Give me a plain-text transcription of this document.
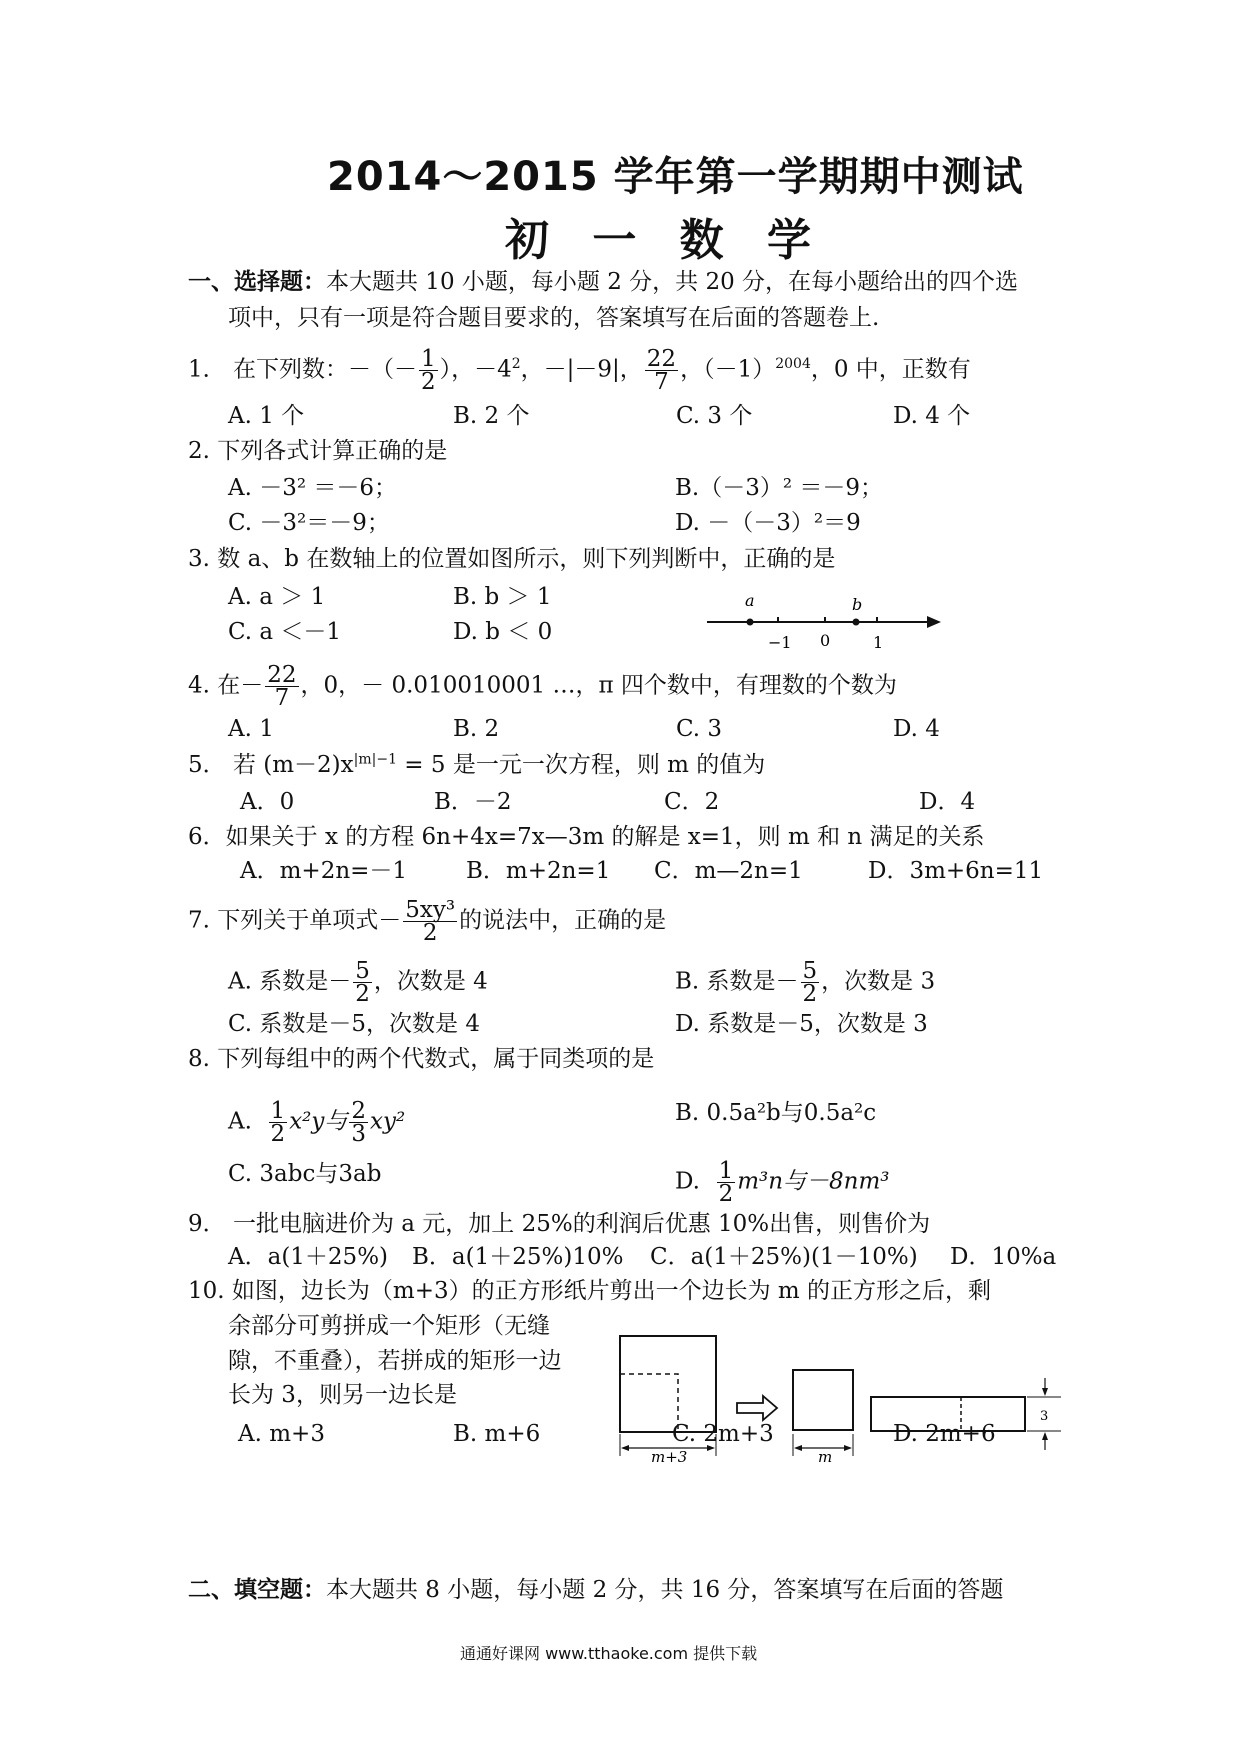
2014～2015 学年第一学期期中测试
初 一 数 学
一、选择题：本大题共 10 小题，每小题 2 分，共 20 分，在每小题给出的四个选
项中，只有一项是符合题目要求的，答案填写在后面的答题卷上.
1． 在下列数：－（－ $\frac{1}{2}$ ），$-4^2$，－|－9|， $\frac{22}{7}$ ，$(-1)^{2004}$，0 中，正数有
A. 1 个	B. 2 个	C. 3 个	D. 4 个
2. 下列各式计算正确的是
A. －3² ＝－6；	B.（－3）² ＝－9；
C. －3²＝－9；	D. －（－3）²＝9
3. 数 a、b 在数轴上的位置如图所示，则下列判断中，正确的是
A. a ＞ 1	B. b ＞ 1
C. a ＜－1	D. b ＜ 0
a	b
−1 0	1
4. 在－ $\frac{22}{7}$ ，0，－ 0.010010001 …，π 四个数中，有理数的个数为
A. 1	B. 2	C. 3	D. 4
5． 若 $(m-2)x^{|m|-1} = 5$ 是一元一次方程，则 m 的值为
A．0	B．－2	C．2	D．4
6．如果关于 x 的方程 6n+4x=7x—3m 的解是 x=1，则 m 和 n 满足的关系
A．m+2n=－1	B．m+2n=1 C．m—2n=1	D．3m+6n=11
7. 下列关于单项式－ $\frac{\text{5xy³}}{2}$ 的说法中，正确的是
A. 系数是－ $\frac{5}{2}$ ，次数是 4	B. 系数是－ $\frac{5}{2}$ ，次数是 3
C. 系数是－5，次数是 4	D. 系数是－5，次数是 3
8. 下列每组中的两个代数式，属于同类项的是
A. $\frac{1}{2} x^2y$与 $\frac{2}{3} xy^2$	B. 0.5a²b与0.5a²c
C. 3abc与3ab	D. $\frac{1}{2} m^3n$与－8nm³
9． 一批电脑进价为 a 元，加上 25%的利润后优惠 10%出售，则售价为
A．a(1＋25%) B．a(1＋25%)10% C．a(1＋25%)(1－10%) D．10%a
10. 如图，边长为（m+3）的正方形纸片剪出一个边长为 m 的正方形之后，剩
余部分可剪拼成一个矩形（无缝
隙，不重叠），若拼成的矩形一边
长为 3，则另一边长是
A. m+3	B. m+6	C. 2m+3	D. 2m+6
m+3	m
3
二、填空题：本大题共 8 小题，每小题 2 分，共 16 分，答案填写在后面的答题
通通好课网 www.tthaoke.com 提供下载
